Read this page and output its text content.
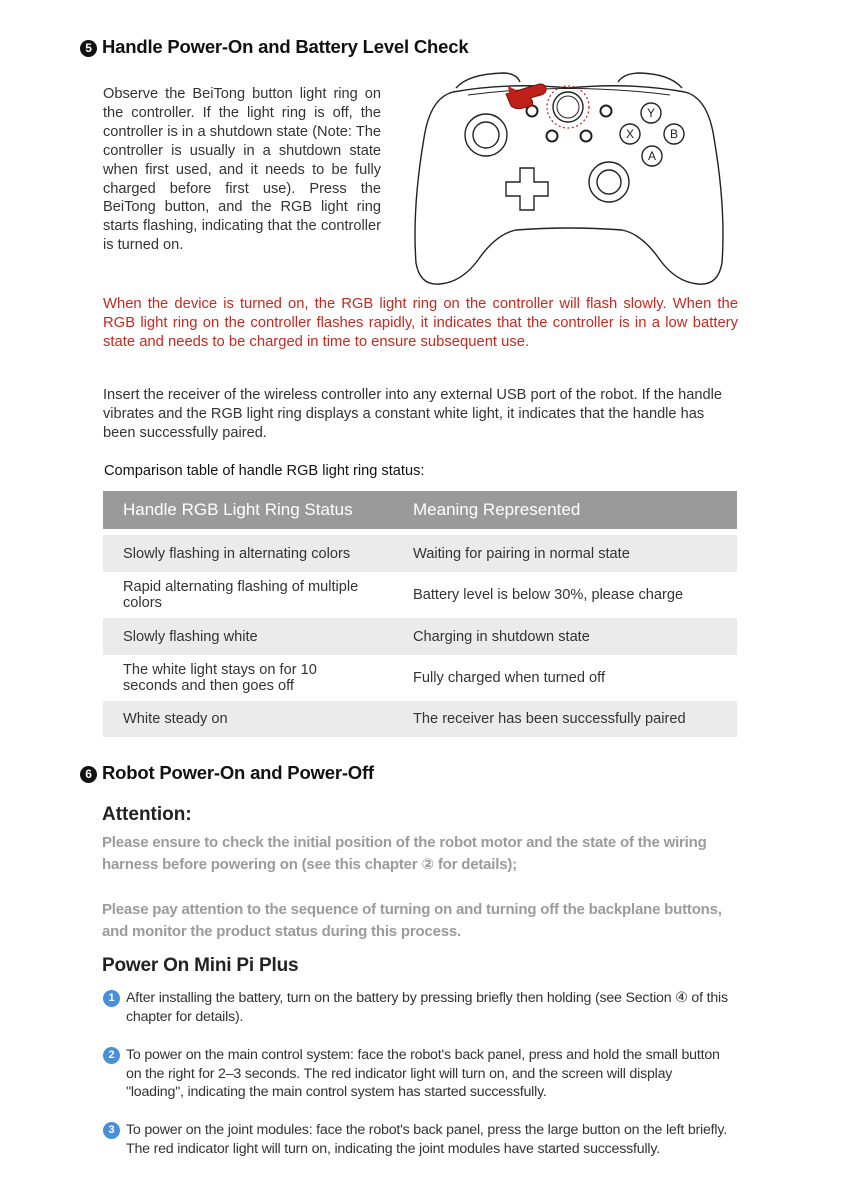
5 Handle Power-On and Battery Level Check

Observe the BeiTong button light ring on the controller. If the light ring is off, the controller is in a shutdown state (Note: The controller is usually in a shutdown state when first used, and it needs to be fully charged before first use). Press the BeiTong button, and the RGB light ring starts flashing, indicating that the controller is turned on.

Y
X	B
A

When the device is turned on, the RGB light ring on the controller will flash slowly. When the RGB light ring on the controller flashes rapidly, it indicates that the controller is in a low battery state and needs to be charged in time to ensure subsequent use.

Insert the receiver of the wireless controller into any external USB port of the robot. If the handle vibrates and the RGB light ring displays a constant white light, it indicates that the handle has been successfully paired.

Comparison table of handle RGB light ring status:

Handle RGB Light Ring Status	Meaning Represented
Slowly flashing in alternating colors	Waiting for pairing in normal state
Rapid alternating flashing of multiple colors	Battery level is below 30%, please charge
Slowly flashing white	Charging in shutdown state
The white light stays on for 10 seconds and then goes off	Fully charged when turned off
White steady on	The receiver has been successfully paired
6 Robot Power-On and Power-Off
Attention:

Please ensure to check the initial position of the robot motor and the state of the wiring harness before powering on (see this chapter ② for details);

Please pay attention to the sequence of turning on and turning off the backplane buttons, and monitor the product status during this process.

Power On Mini Pi Plus
1 After installing the battery, turn on the battery by pressing briefly then holding (see Section ④ of this chapter for details).
2 To power on the main control system: face the robot's back panel, press and hold the small button on the right for 2–3 seconds. The red indicator light will turn on, and the screen will display "loading", indicating the main control system has started successfully.
3 To power on the joint modules: face the robot's back panel, press the large button on the left briefly. The red indicator light will turn on, indicating the joint modules have started successfully.
